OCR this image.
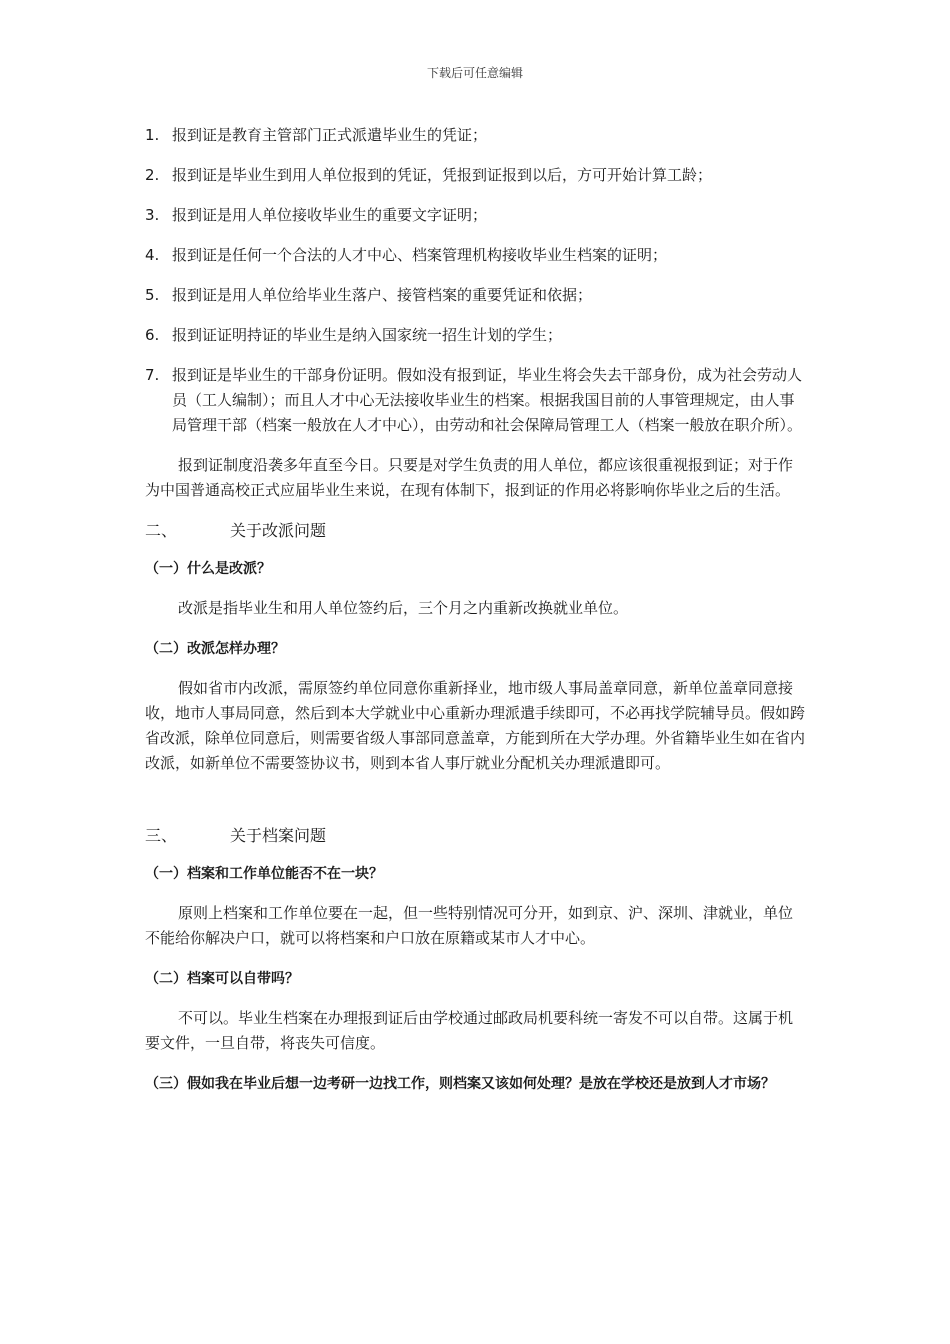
下载后可任意编辑
1. 报到证是教育主管部门正式派遣毕业生的凭证；
2. 报到证是毕业生到用人单位报到的凭证，凭报到证报到以后，方可开始计算工龄；
3. 报到证是用人单位接收毕业生的重要文字证明；
4. 报到证是任何一个合法的人才中心、档案管理机构接收毕业生档案的证明；
5. 报到证是用人单位给毕业生落户、接管档案的重要凭证和依据；
6. 报到证证明持证的毕业生是纳入国家统一招生计划的学生；
7. 报到证是毕业生的干部身份证明。假如没有报到证，毕业生将会失去干部身份，成为社会劳动人员（工人编制）；而且人才中心无法接收毕业生的档案。根据我国目前的人事管理规定，由人事局管理干部（档案一般放在人才中心），由劳动和社会保障局管理工人（档案一般放在职介所）。

报到证制度沿袭多年直至今日。只要是对学生负责的用人单位，都应该很重视报到证；对于作为中国普通高校正式应届毕业生来说，在现有体制下，报到证的作用必将影响你毕业之后的生活。

二、	关于改派问题
（一）什么是改派？

改派是指毕业生和用人单位签约后，三个月之内重新改换就业单位。

（二）改派怎样办理？

假如省市内改派，需原签约单位同意你重新择业，地市级人事局盖章同意，新单位盖章同意接收，地市人事局同意，然后到本大学就业中心重新办理派遣手续即可，不必再找学院辅导员。假如跨省改派，除单位同意后，则需要省级人事部同意盖章，方能到所在大学办理。外省籍毕业生如在省内改派，如新单位不需要签协议书，则到本省人事厅就业分配机关办理派遣即可。

三、	关于档案问题
（一）档案和工作单位能否不在一块？

原则上档案和工作单位要在一起，但一些特别情况可分开，如到京、沪、深圳、津就业，单位不能给你解决户口，就可以将档案和户口放在原籍或某市人才中心。

（二）档案可以自带吗？

不可以。毕业生档案在办理报到证后由学校通过邮政局机要科统一寄发不可以自带。这属于机要文件，一旦自带，将丧失可信度。

（三）假如我在毕业后想一边考研一边找工作，则档案又该如何处理？是放在学校还是放到人才市场？
